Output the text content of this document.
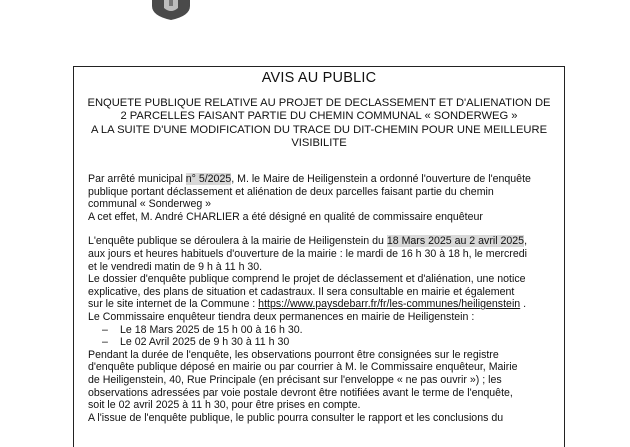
AVIS AU PUBLIC
ENQUETE PUBLIQUE RELATIVE AU PROJET DE DECLASSEMENT ET D'ALIENATION DE
2 PARCELLES FAISANT PARTIE DU CHEMIN COMMUNAL « SONDERWEG »
A LA SUITE D'UNE MODIFICATION DU TRACE DU DIT-CHEMIN POUR UNE MEILLEURE
VISIBILITE
Par arrêté municipal n° 5/2025, M. le Maire de Heiligenstein a ordonné l'ouverture de l'enquête
publique portant déclassement et aliénation de deux parcelles faisant partie du chemin
communal « Sonderweg »
A cet effet, M. André CHARLIER a été désigné en qualité de commissaire enquêteur
L'enquête publique se déroulera à la mairie de Heiligenstein du 18 Mars 2025 au 2 avril 2025,
aux jours et heures habituels d'ouverture de la mairie : le mardi de 16 h 30 à 18 h, le mercredi
et le vendredi matin de 9 h à 11 h 30.
Le dossier d'enquête publique comprend le projet de déclassement et d'aliénation, une notice
explicative, des plans de situation et cadastraux. Il sera consultable en mairie et également
sur le site internet de la Commune : https://www.paysdebarr.fr/fr/les-communes/heiligenstein .
Le Commissaire enquêteur tiendra deux permanences en mairie de Heiligenstein :
– Le 18 Mars 2025 de 15 h 00 à 16 h 30.
– Le 02 Avril 2025 de 9 h 30 à 11 h 30
Pendant la durée de l'enquête, les observations pourront être consignées sur le registre
d'enquête publique déposé en mairie ou par courrier à M. le Commissaire enquêteur, Mairie
de Heiligenstein, 40, Rue Principale (en précisant sur l'enveloppe « ne pas ouvrir ») ; les
observations adressées par voie postale devront être notifiées avant le terme de l'enquête,
soit le 02 avril 2025 à 11 h 30, pour être prises en compte.
A l'issue de l'enquête publique, le public pourra consulter le rapport et les conclusions du
